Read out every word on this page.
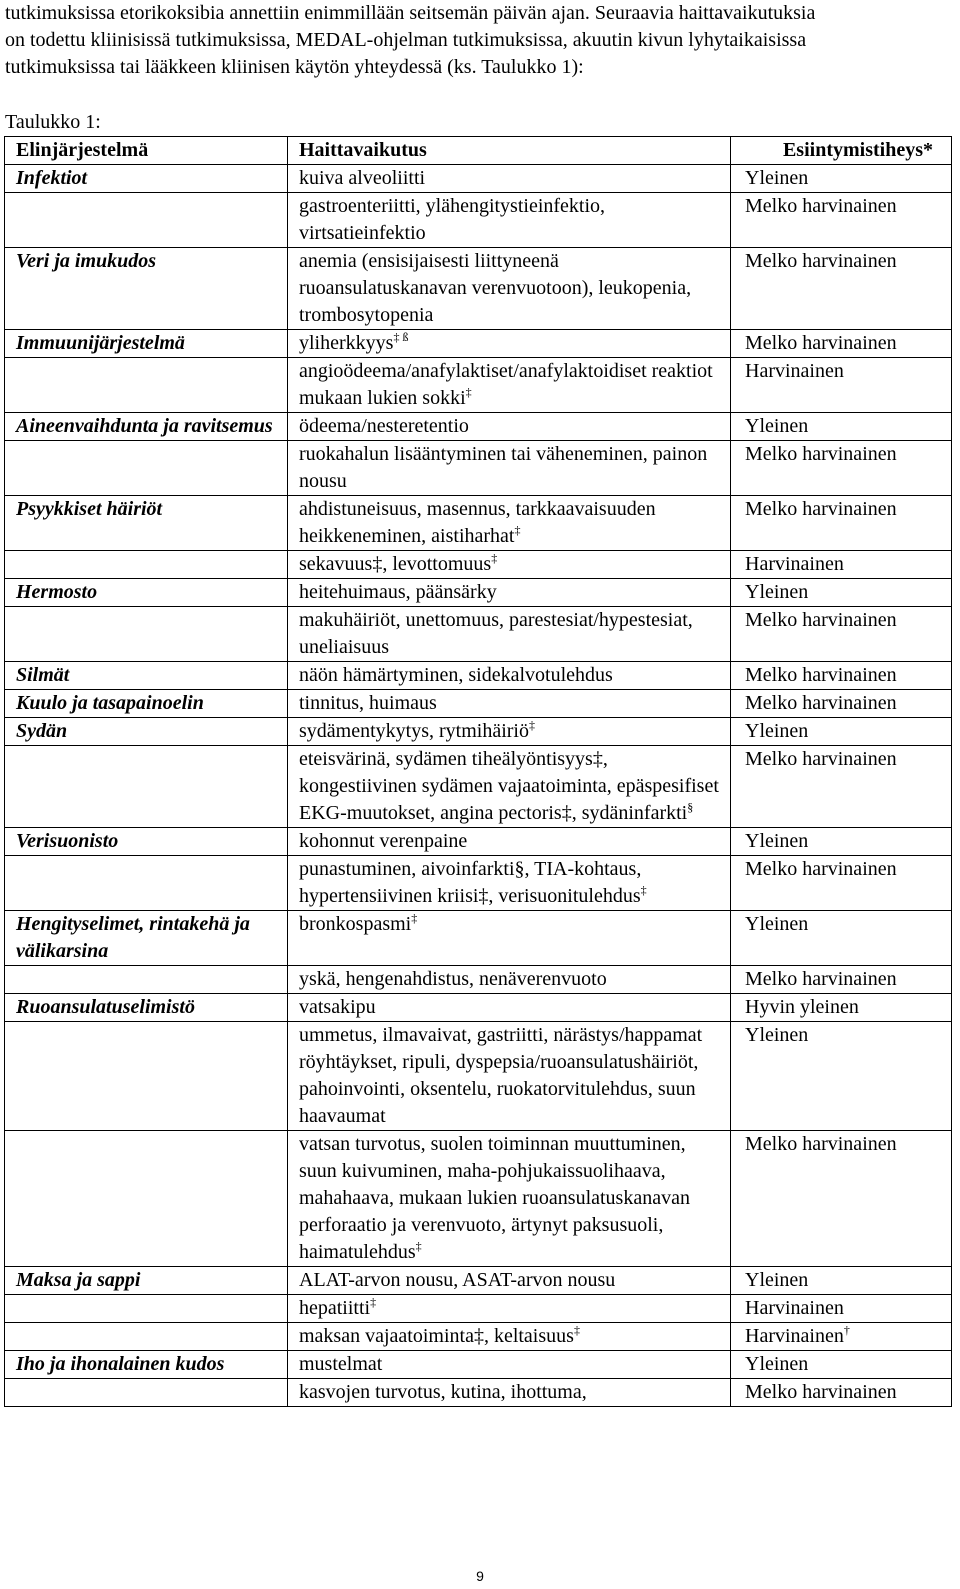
tutkimuksissa etorikoksibia annettiin enimmillään seitsemän päivän ajan. Seuraavia haittavaikutuksia

on todettu kliinisissä tutkimuksissa, MEDAL-ohjelman tutkimuksissa, akuutin kivun lyhytaikaisissa

tutkimuksissa tai lääkkeen kliinisen käytön yhteydessä (ks. Taulukko 1):

Taulukko 1:

Elinjärjestelmä	Haittavaikutus	Esiintymistiheys*
Infektiot	kuiva alveoliitti	Yleinen
	gastroenteriitti, ylähengitystieinfektio, virtsatieinfektio	Melko harvinainen
Veri ja imukudos	anemia (ensisijaisesti liittyneenä ruoansulatuskanavan verenvuotoon), leukopenia, trombosytopenia	Melko harvinainen
Immuunijärjestelmä	yliherkkyys$^{\ddagger ß}$	Melko harvinainen
	angioödeema/anafylaktiset/anafylaktoidiset reaktiot mukaan lukien sokki‡	Harvinainen
Aineenvaihdunta ja ravitsemus	ödeema/nesteretentio	Yleinen
	ruokahalun lisääntyminen tai väheneminen, painon nousu	Melko harvinainen
Psyykkiset häiriöt	ahdistuneisuus, masennus, tarkkaavaisuuden heikkeneminen, aistiharhat‡	Melko harvinainen
	sekavuus‡, levottomuus‡	Harvinainen
Hermosto	heitehuimaus, päänsärky	Yleinen
	makuhäiriöt, unettomuus, parestesiat/hypestesiat, uneliaisuus	Melko harvinainen
Silmät	näön hämärtyminen, sidekalvotulehdus	Melko harvinainen
Kuulo ja tasapainoelin	tinnitus, huimaus	Melko harvinainen
Sydän	sydämentykytys, rytmihäiriö‡	Yleinen
	eteisvärinä, sydämen tiheälyöntisyys‡, kongestiivinen sydämen vajaatoiminta, epäspesifiset EKG-muutokset, angina pectoris‡, sydäninfarkti§	Melko harvinainen
Verisuonisto	kohonnut verenpaine	Yleinen
	punastuminen, aivoinfarkti§, TIA-kohtaus, hypertensiivinen kriisi‡, verisuonitulehdus‡	Melko harvinainen
Hengityselimet, rintakehä ja välikarsina	bronkospasmi‡	Yleinen
	yskä, hengenahdistus, nenäverenvuoto	Melko harvinainen
Ruoansulatuselimistö	vatsakipu	Hyvin yleinen
	ummetus, ilmavaivat, gastriitti, närästys/happamat röyhtäykset, ripuli, dyspepsia/ruoansulatushäiriöt, pahoinvointi, oksentelu, ruokatorvitulehdus, suun haavaumat	Yleinen
	vatsan turvotus, suolen toiminnan muuttuminen, suun kuivuminen, maha-pohjukaissuolihaava, mahahaava, mukaan lukien ruoansulatuskanavan perforaatio ja verenvuoto, ärtynyt paksusuoli, haimatulehdus‡	Melko harvinainen
Maksa ja sappi	ALAT-arvon nousu, ASAT-arvon nousu	Yleinen
	hepatiitti‡	Harvinainen
	maksan vajaatoiminta‡, keltaisuus‡	Harvinainen†
Iho ja ihonalainen kudos	mustelmat	Yleinen
	kasvojen turvotus, kutina, ihottuma,	Melko harvinainen
9
